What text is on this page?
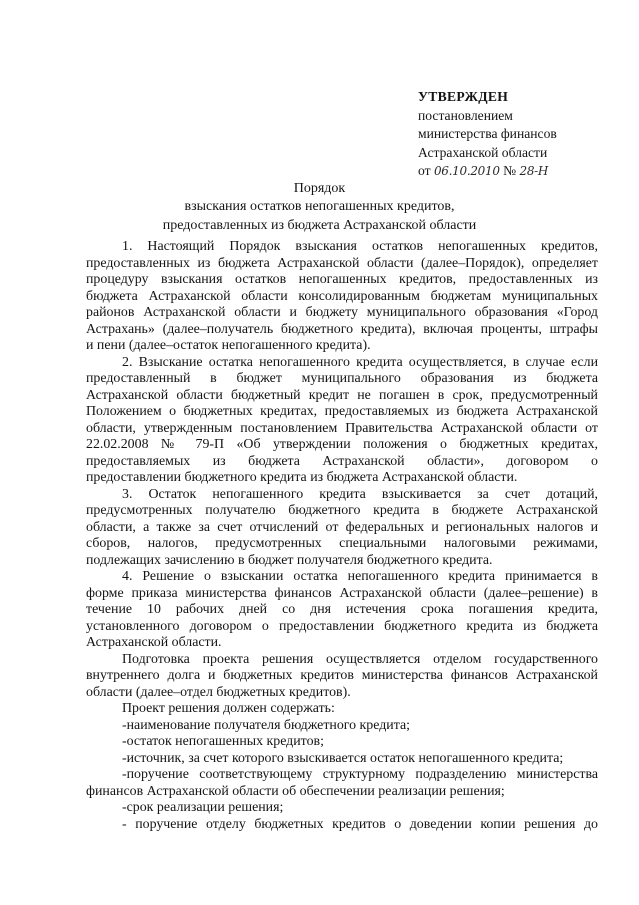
УТВЕРЖДЕН
постановлением
министерства финансов
Астраханской области
от 06.10.2010 № 28-Н
Порядок
взыскания остатков непогашенных кредитов,
предоставленных из бюджета Астраханской области

1. Настоящий Порядок взыскания остатков непогашенных кредитов,

предоставленных из бюджета Астраханской области (далее–Порядок), определяет

процедуру взыскания остатков непогашенных кредитов, предоставленных из

бюджета Астраханской области консолидированным бюджетам муниципальных

районов Астраханской области и бюджету муниципального образования «Город

Астрахань» (далее–получатель бюджетного кредита), включая проценты, штрафы

и пени (далее–остаток непогашенного кредита).

2. Взыскание остатка непогашенного кредита осуществляется, в случае если

предоставленный в бюджет муниципального образования из бюджета

Астраханской области бюджетный кредит не погашен в срок, предусмотренный

Положением о бюджетных кредитах, предоставляемых из бюджета Астраханской

области, утвержденным постановлением Правительства Астраханской области от

22.02.2008 № 79-П «Об утверждении положения о бюджетных кредитах,

предоставляемых из бюджета Астраханской области», договором о

предоставлении бюджетного кредита из бюджета Астраханской области.

3. Остаток непогашенного кредита взыскивается за счет дотаций,

предусмотренных получателю бюджетного кредита в бюджете Астраханской

области, а также за счет отчислений от федеральных и региональных налогов и

сборов, налогов, предусмотренных специальными налоговыми режимами,

подлежащих зачислению в бюджет получателя бюджетного кредита.

4. Решение о взыскании остатка непогашенного кредита принимается в

форме приказа министерства финансов Астраханской области (далее–решение) в

течение 10 рабочих дней со дня истечения срока погашения кредита,

установленного договором о предоставлении бюджетного кредита из бюджета

Астраханской области.

Подготовка проекта решения осуществляется отделом государственного

внутреннего долга и бюджетных кредитов министерства финансов Астраханской

области (далее–отдел бюджетных кредитов).

Проект решения должен содержать:

-наименование получателя бюджетного кредита;

-остаток непогашенных кредитов;

-источник, за счет которого взыскивается остаток непогашенного кредита;

-поручение соответствующему структурному подразделению министерства

финансов Астраханской области об обеспечении реализации решения;

-срок реализации решения;

- поручение отделу бюджетных кредитов о доведении копии решения до
